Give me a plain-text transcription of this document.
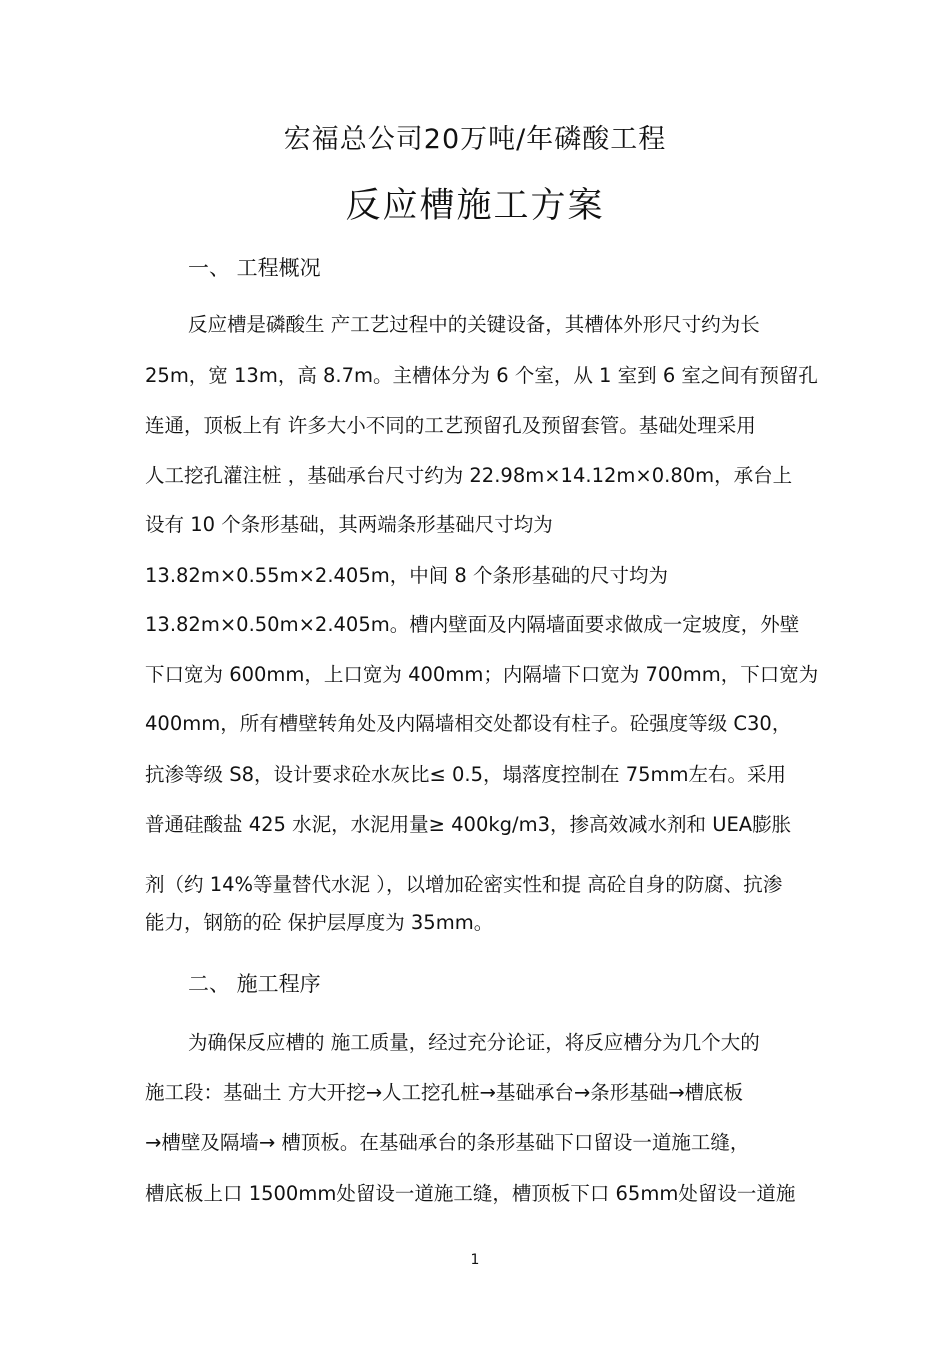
宏福总公司20万吨/年磷酸工程
反应槽施工方案
一、 工程概况

反应槽是磷酸生 产工艺过程中的关键设备，其槽体外形尺寸约为长

25m，宽 13m，高 8.7m。主槽体分为 6 个室，从 1 室到 6 室之间有预留孔

连通，顶板上有 许多大小不同的工艺预留孔及预留套管。基础处理采用

人工挖孔灌注桩 ，基础承台尺寸约为 22.98m×14.12m×0.80m，承台上

设有 10 个条形基础，其两端条形基础尺寸均为

13.82m×0.55m×2.405m，中间 8 个条形基础的尺寸均为

13.82m×0.50m×2.405m。槽内壁面及内隔墙面要求做成一定坡度，外壁

下口宽为 600mm，上口宽为 400mm；内隔墙下口宽为 700mm，下口宽为

400mm，所有槽壁转角处及内隔墙相交处都设有柱子。砼强度等级 C30，

抗渗等级 S8，设计要求砼水灰比≤ 0.5，塌落度控制在 75mm左右。采用

普通硅酸盐 425 水泥，水泥用量≥ 400kg/m3，掺高效减水剂和 UEA膨胀

剂（约 14%等量替代水泥 ），以增加砼密实性和提 高砼自身的防腐、抗渗

能力，钢筋的砼 保护层厚度为 35mm。

二、 施工程序

为确保反应槽的 施工质量，经过充分论证，将反应槽分为几个大的

施工段：基础土 方大开挖→人工挖孔桩→基础承台→条形基础→槽底板

→槽壁及隔墙→ 槽顶板。在基础承台的条形基础下口留设一道施工缝，

槽底板上口 1500mm处留设一道施工缝，槽顶板下口 65mm处留设一道施

1
